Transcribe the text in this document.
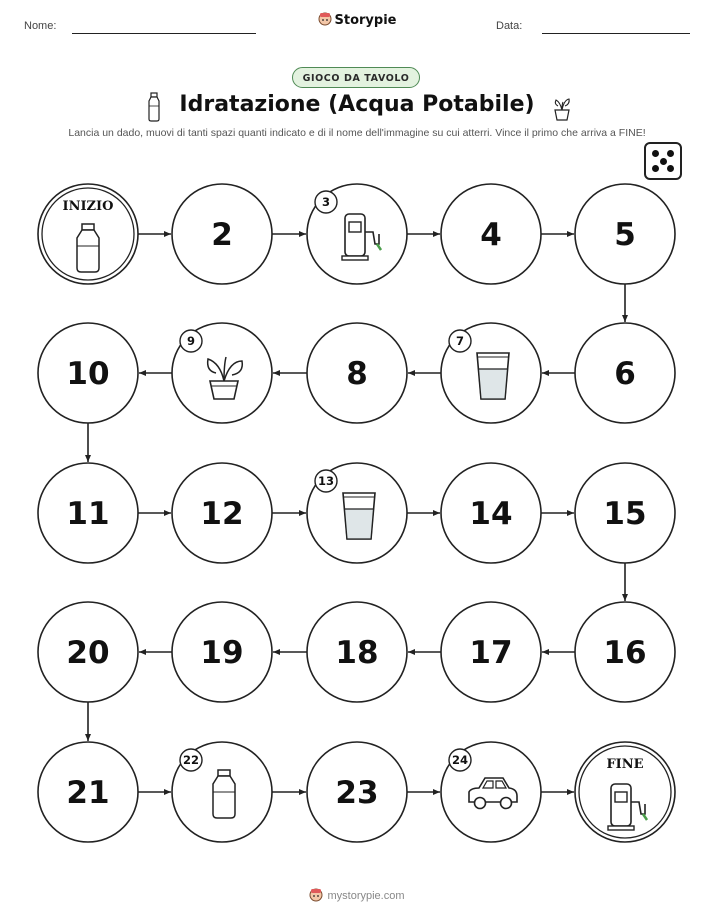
Nome:	Storypie	Data:
GIOCO DA TAVOLO
Idratazione (Acqua Potabile)
Lancia un dado, muovi di tanti spazi quanti indicato e di il nome dell'immagine su cui atterri. Vince il primo che arriva a FINE!
INIZIO
2
3
4	5
6
7
8
9
10
11	12
13
14	15
16
17
18
19
20
21
22
23
24	FINE
mystorypie.com
